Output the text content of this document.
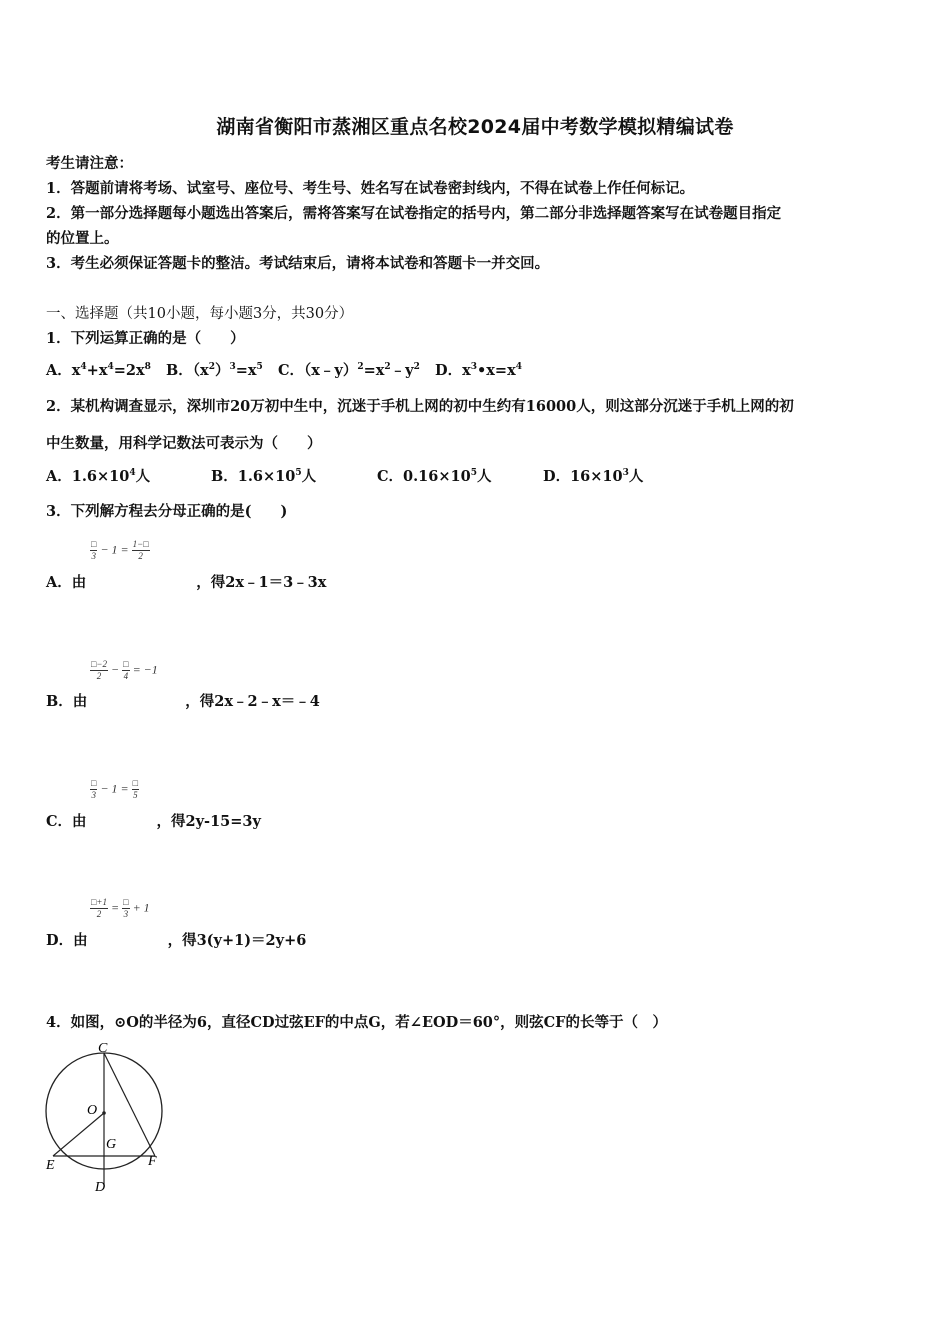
湖南省衡阳市蒸湘区重点名校2024届中考数学模拟精编试卷
考生请注意：
1．答题前请将考场、试室号、座位号、考生号、姓名写在试卷密封线内，不得在试卷上作任何标记。
2．第一部分选择题每小题选出答案后，需将答案写在试卷指定的括号内，第二部分非选择题答案写在试卷题目指定
的位置上。
3．考生必须保证答题卡的整洁。考试结束后，请将本试卷和答题卡一并交回。
一、选择题（共10小题，每小题3分，共30分）
1．下列运算正确的是（　　）
A．$x^4+x^4=2x^8$ B．$(x^2)^3=x^5$ C．$(x﹣y)^2=x^2﹣y^2$ D．$x^3•x=x^4$
2．某机构调查显示，深圳市20万初中生中，沉迷于手机上网的初中生约有16000人，则这部分沉迷于手机上网的初
中生数量，用科学记数法可表示为（　　）
A．$1.6\times 10^4$人	B．$1.6\times 10^5$人	C．$0.16\times 10^5$人	D．$16\times 10^3$人
3．下列解方程去分母正确的是(　　)
□
$3 - 1 = \frac{1-□}{2}$
A．由	，得2x﹣1＝3﹣3x
$\frac{□-2}{2}$ − □
4 = −1
B．由	，得2x﹣2﹣x＝﹣4
□
3 − 1 = □
5
C．由	，得2y-15=3y
$\frac{□+1}{2}$ = □
3 + 1
D．由	，得3(y+1)＝2y+6
4．如图，⊙O的半径为6，直径CD过弦EF的中点G，若∠EOD＝60°，则弦CF的长等于（　）
C
O
G
E	F
D
